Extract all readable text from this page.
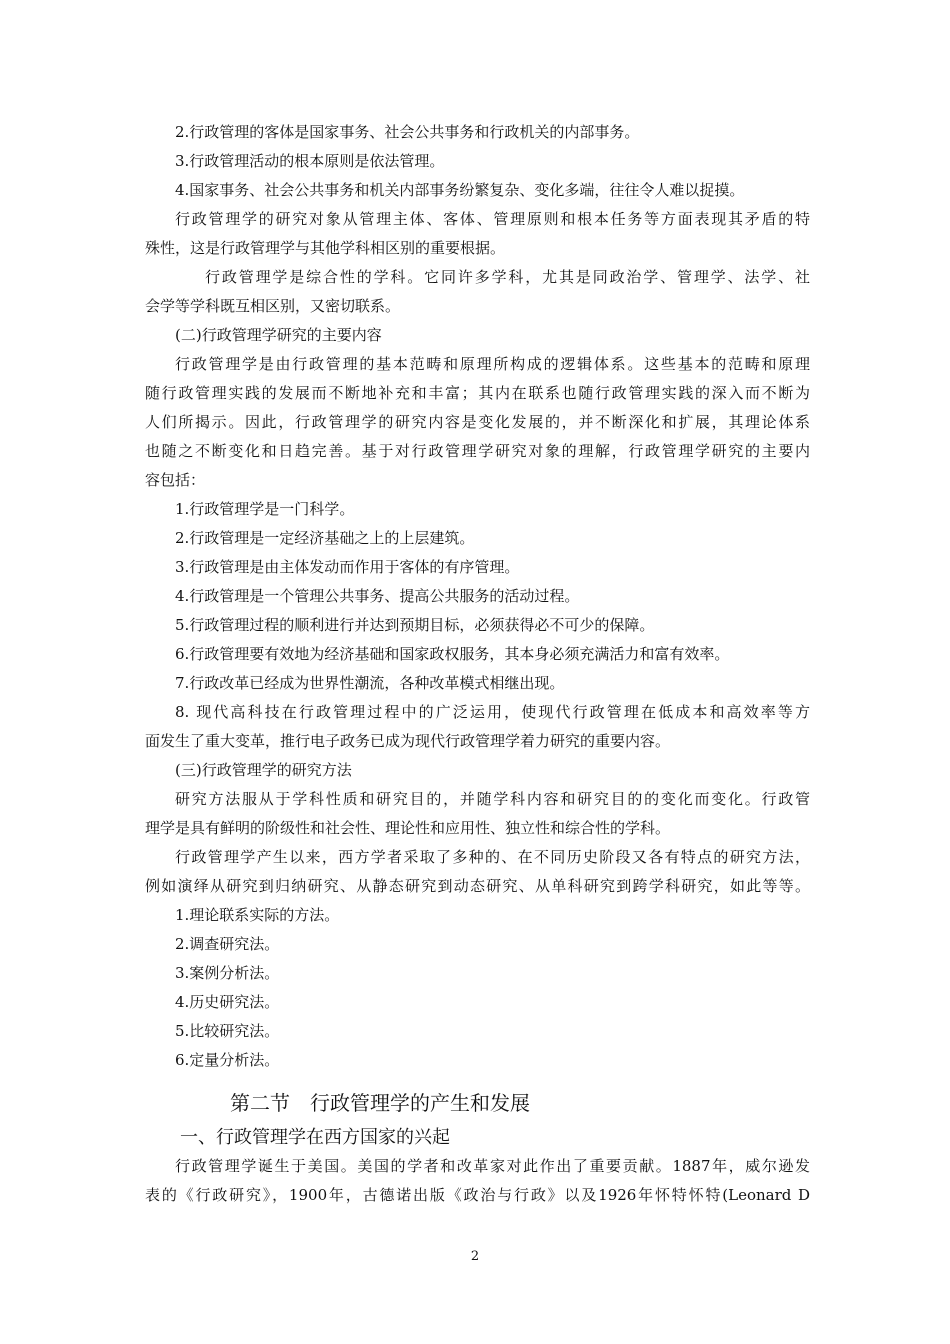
2.行政管理的客体是国家事务、社会公共事务和行政机关的内部事务。
3.行政管理活动的根本原则是依法管理。
4.国家事务、社会公共事务和机关内部事务纷繁复杂、变化多端，往往令人难以捉摸。
行政管理学的研究对象从管理主体、客体、管理原则和根本任务等方面表现其矛盾的特
殊性，这是行政管理学与其他学科相区别的重要根据。
行政管理学是综合性的学科。它同许多学科，尤其是同政治学、管理学、法学、社
会学等学科既互相区别，又密切联系。
(二)行政管理学研究的主要内容
行政管理学是由行政管理的基本范畴和原理所构成的逻辑体系。这些基本的范畴和原理
随行政管理实践的发展而不断地补充和丰富；其内在联系也随行政管理实践的深入而不断为
人们所揭示。因此，行政管理学的研究内容是变化发展的，并不断深化和扩展，其理论体系
也随之不断变化和日趋完善。基于对行政管理学研究对象的理解，行政管理学研究的主要内
容包括：
1.行政管理学是一门科学。
2.行政管理是一定经济基础之上的上层建筑。
3.行政管理是由主体发动而作用于客体的有序管理。
4.行政管理是一个管理公共事务、提高公共服务的活动过程。
5.行政管理过程的顺利进行并达到预期目标，必须获得必不可少的保障。
6.行政管理要有效地为经济基础和国家政权服务，其本身必须充满活力和富有效率。
7.行政改革已经成为世界性潮流，各种改革模式相继出现。
8. 现代高科技在行政管理过程中的广泛运用，使现代行政管理在低成本和高效率等方
面发生了重大变革，推行电子政务已成为现代行政管理学着力研究的重要内容。
(三)行政管理学的研究方法
研究方法服从于学科性质和研究目的，并随学科内容和研究目的的变化而变化。行政管
理学是具有鲜明的阶级性和社会性、理论性和应用性、独立性和综合性的学科。
行政管理学产生以来，西方学者采取了多种的、在不同历史阶段又各有特点的研究方法，
例如演绎从研究到归纳研究、从静态研究到动态研究、从单科研究到跨学科研究，如此等等。
1.理论联系实际的方法。
2.调查研究法。
3.案例分析法。
4.历史研究法。
5.比较研究法。
6.定量分析法。
第二节　行政管理学的产生和发展
一、行政管理学在西方国家的兴起
行政管理学诞生于美国。美国的学者和改革家对此作出了重要贡献。1887年，威尔逊发
表的《行政研究》，1900年，古德诺出版《政治与行政》以及1926年怀特怀特(Leonard D
2
